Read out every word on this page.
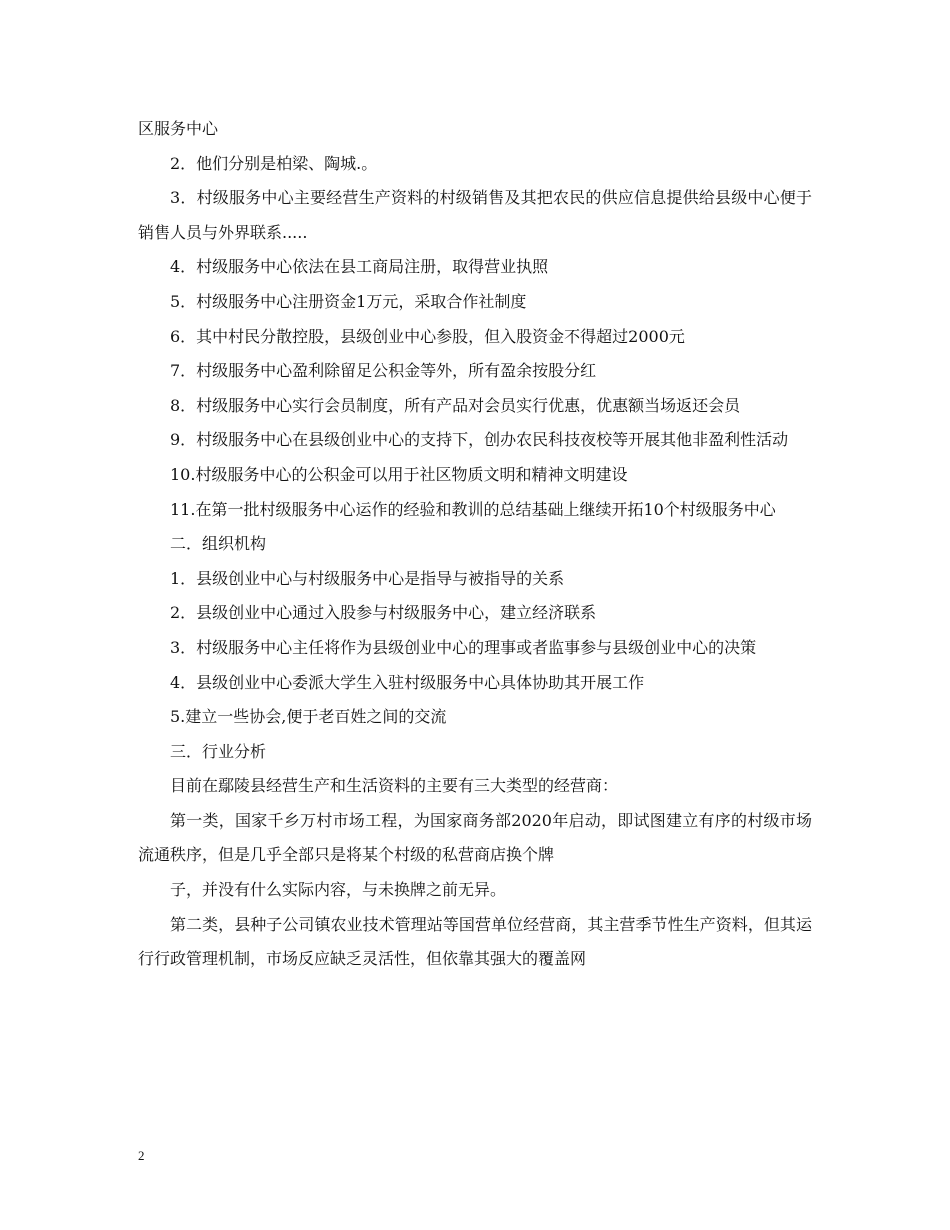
区服务中心

2．他们分别是柏梁、陶城.。

3．村级服务中心主要经营生产资料的村级销售及其把农民的供应信息提供给县级中心便于销售人员与外界联系.....

4．村级服务中心依法在县工商局注册，取得营业执照

5．村级服务中心注册资金1万元，采取合作社制度

6．其中村民分散控股，县级创业中心参股，但入股资金不得超过2000元

7．村级服务中心盈利除留足公积金等外，所有盈余按股分红

8．村级服务中心实行会员制度，所有产品对会员实行优惠，优惠额当场返还会员

9．村级服务中心在县级创业中心的支持下，创办农民科技夜校等开展其他非盈利性活动

10.村级服务中心的公积金可以用于社区物质文明和精神文明建设

11.在第一批村级服务中心运作的经验和教训的总结基础上继续开拓10个村级服务中心

二．组织机构

1．县级创业中心与村级服务中心是指导与被指导的关系

2．县级创业中心通过入股参与村级服务中心，建立经济联系

3．村级服务中心主任将作为县级创业中心的理事或者监事参与县级创业中心的决策

4．县级创业中心委派大学生入驻村级服务中心具体协助其开展工作

5.建立一些协会,便于老百姓之间的交流

三．行业分析

目前在鄢陵县经营生产和生活资料的主要有三大类型的经营商：

第一类，国家千乡万村市场工程，为国家商务部2020年启动，即试图建立有序的村级市场流通秩序，但是几乎全部只是将某个村级的私营商店换个牌

子，并没有什么实际内容，与未换牌之前无异。

第二类，县种子公司镇农业技术管理站等国营单位经营商，其主营季节性生产资料，但其运行行政管理机制，市场反应缺乏灵活性，但依靠其强大的覆盖网

2
